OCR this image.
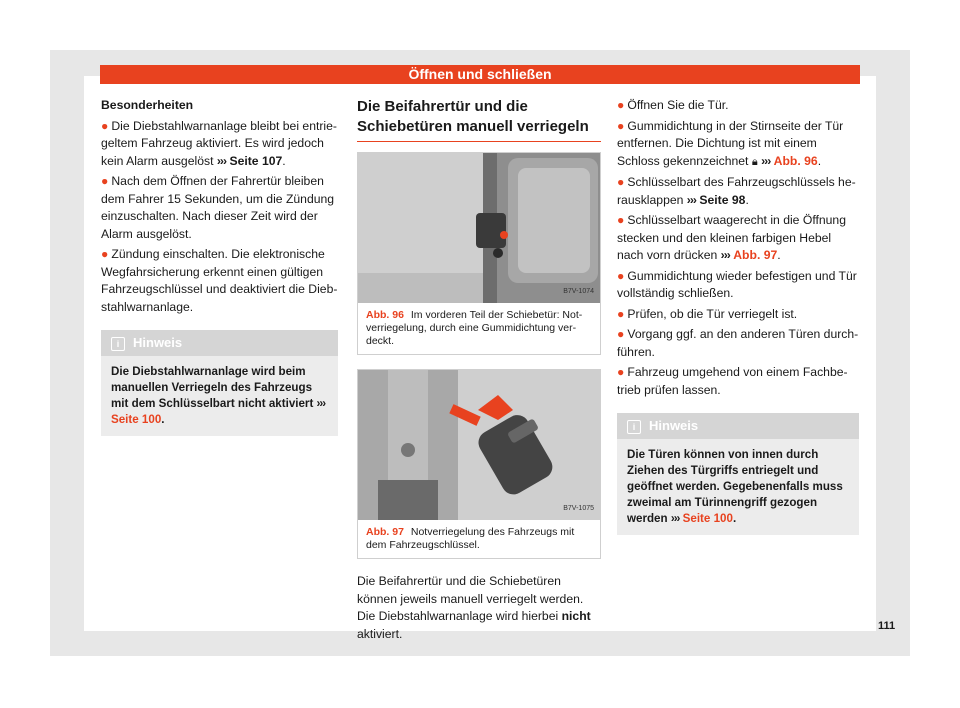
Öffnen und schließen

Besonderheiten

● Die Diebstahlwarnanlage bleibt bei entriegeltem Fahrzeug aktiviert. Es wird jedoch kein Alarm ausgelöst ››› Seite 107.

● Nach dem Öffnen der Fahrertür bleiben dem Fahrer 15 Sekunden, um die Zündung einzuschalten. Nach dieser Zeit wird der Alarm ausgelöst.

● Zündung einschalten. Die elektronische Wegfahrsicherung erkennt einen gültigen Fahrzeugschlüssel und deaktiviert die Diebstahlwarnanlage.

i Hinweis
Die Diebstahlwarnanlage wird beim manuellen Verriegeln des Fahrzeugs mit dem Schlüsselbart nicht aktiviert ››› Seite 100.
Die Beifahrertür und die Schiebetüren manuell verriegeln
B7V-1074
Abb. 96 Im vorderen Teil der Schiebetür: Notverriegelung, durch eine Gummidichtung verdeckt.
B7V-1075
Abb. 97 Notverriegelung des Fahrzeugs mit dem Fahrzeugschlüssel.

Die Beifahrertür und die Schiebetüren können jeweils manuell verriegelt werden. Die Diebstahlwarnanlage wird hierbei nicht aktiviert.

● Öffnen Sie die Tür.

● Gummidichtung in der Stirnseite der Tür entfernen. Die Dichtung ist mit einem Schloss gekennzeichnet 🔒︎ ››› Abb. 96.

● Schlüsselbart des Fahrzeugschlüssels herausklappen ››› Seite 98.

● Schlüsselbart waagerecht in die Öffnung stecken und den kleinen farbigen Hebel nach vorn drücken ››› Abb. 97.

● Gummidichtung wieder befestigen und Tür vollständig schließen.

● Prüfen, ob die Tür verriegelt ist.

● Vorgang ggf. an den anderen Türen durchführen.

● Fahrzeug umgehend von einem Fachbetrieb prüfen lassen.

i Hinweis
Die Türen können von innen durch Ziehen des Türgriffs entriegelt und geöffnet werden. Gegebenenfalls muss zweimal am Türinnengriff gezogen werden ››› Seite 100.
111
